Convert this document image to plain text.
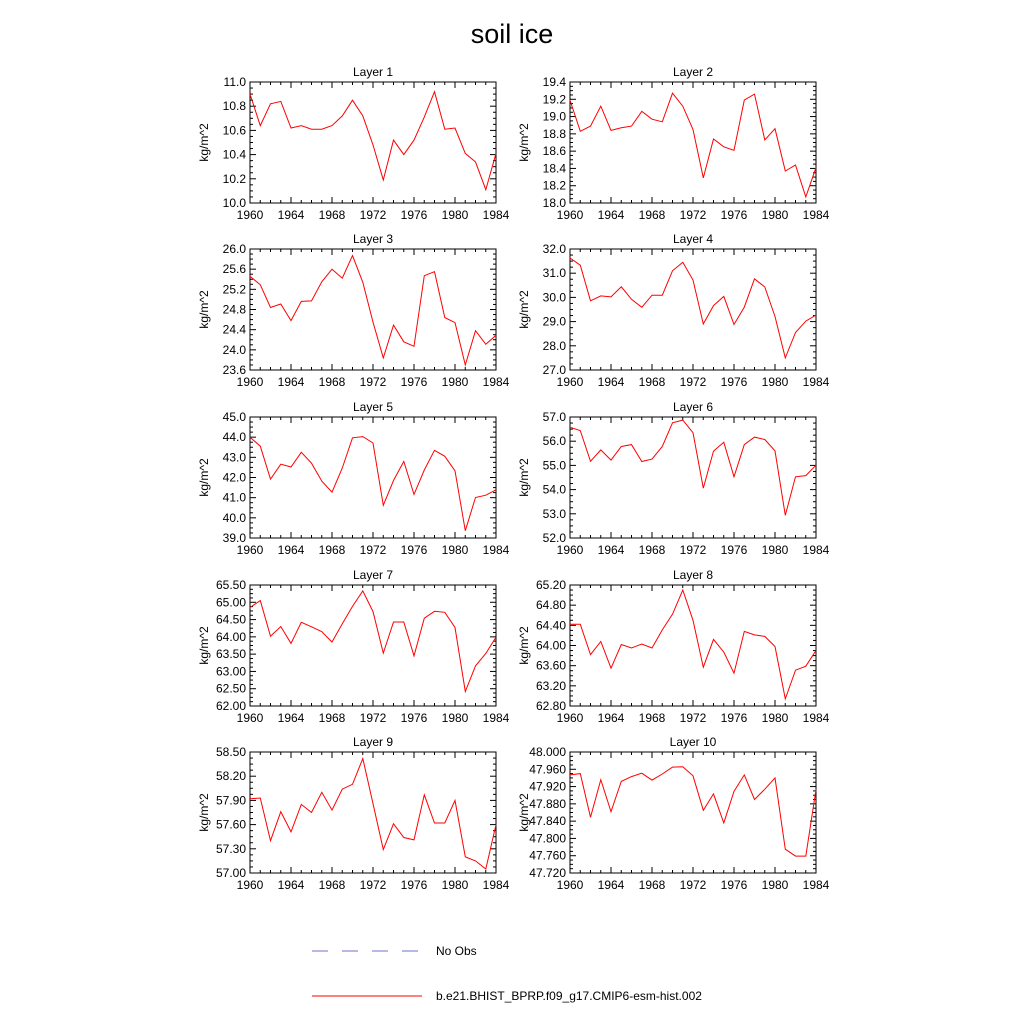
soil ice
Layer 1
kg/m^2
1960 1964 1968 1972 1976 1980 1984
10.0
10.2
10.4
10.6
10.8
11.0
Layer 2
kg/m^2
1960 1964 1968 1972 1976 1980 1984
18.0
18.2
18.4
18.6
18.8
19.0
19.2
19.4
Layer 3
kg/m^2
1960 1964 1968 1972 1976 1980 1984
23.6
24.0
24.4
24.8
25.2
25.6
26.0
Layer 4
kg/m^2
1960 1964 1968 1972 1976 1980 1984
27.0
28.0
29.0
30.0
31.0
32.0
Layer 5
kg/m^2
1960 1964 1968 1972 1976 1980 1984
39.0
40.0
41.0
42.0
43.0
44.0
45.0
Layer 6
kg/m^2
1960 1964 1968 1972 1976 1980 1984
52.0
53.0
54.0
55.0
56.0
57.0
Layer 7
kg/m^2
1960 1964 1968 1972 1976 1980 1984
62.00
62.50
63.00
63.50
64.00
64.50
65.00
65.50
Layer 8
kg/m^2
1960 1964 1968 1972 1976 1980 1984
62.80
63.20
63.60
64.00
64.40
64.80
65.20
Layer 9
kg/m^2
1960 1964 1968 1972 1976 1980 1984
57.00
57.30
57.60
57.90
58.20
58.50
Layer 10
kg/m^2
1960 1964 1968 1972 1976 1980 1984
47.720
47.760
47.800
47.840
47.880
47.920
47.960
48.000
No Obs
b.e21.BHIST_BPRP.f09_g17.CMIP6-esm-hist.002
